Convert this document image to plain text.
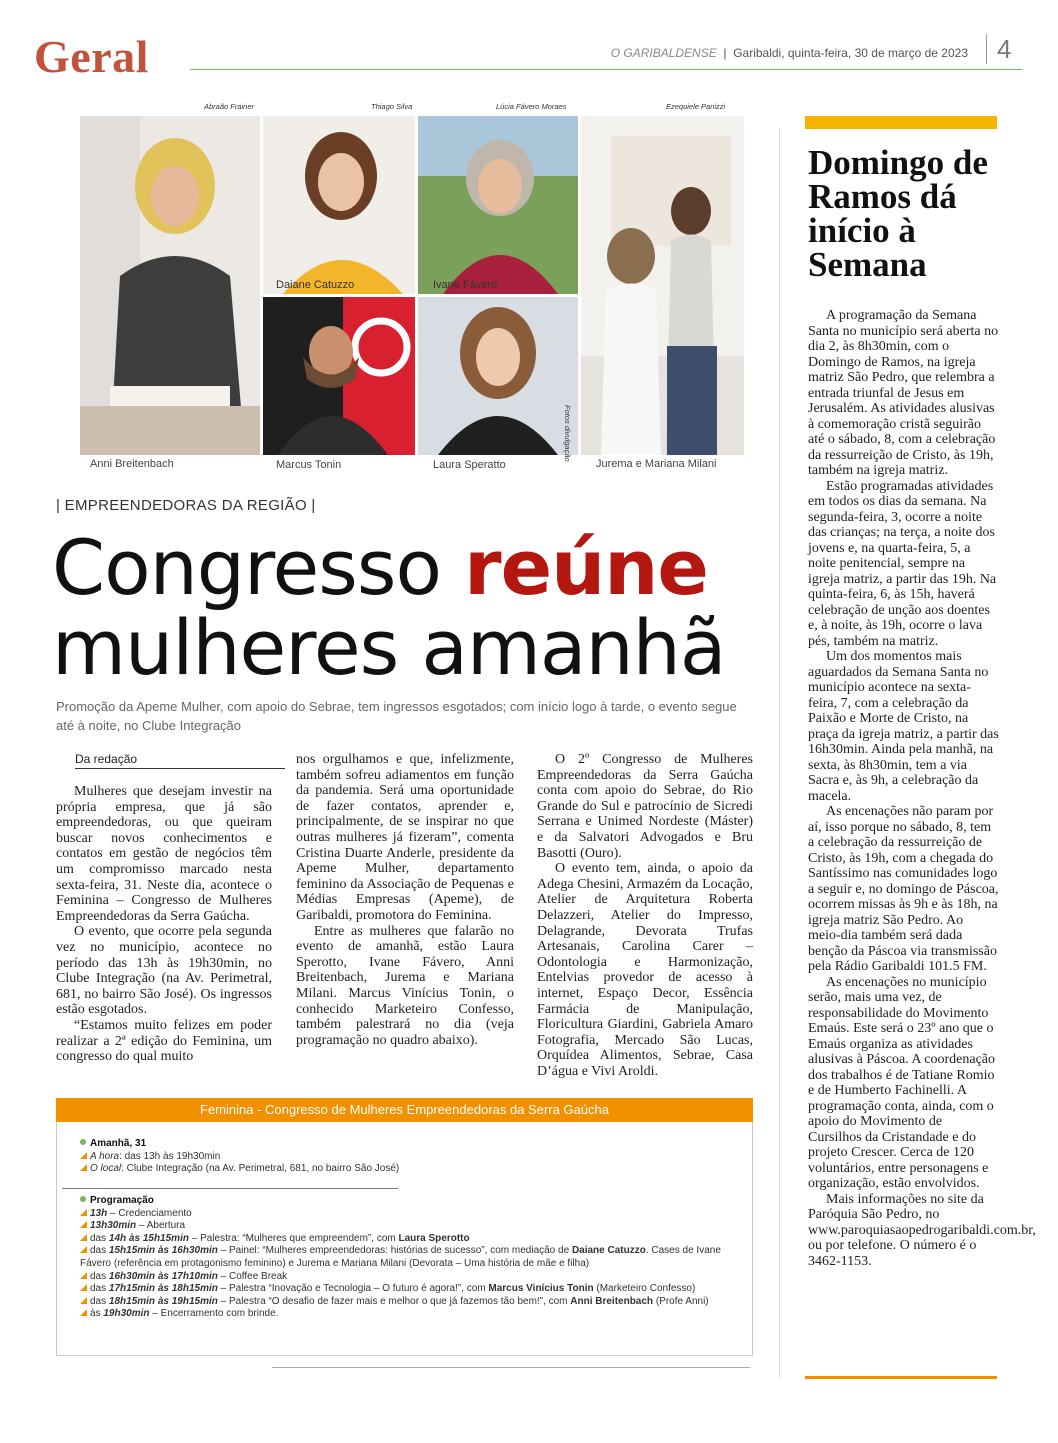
Geral	O GARIBALDENSE  |  Garibaldi, quinta-feira, 30 de março de 2023	4
Abraão Frainer	Thiago Silva	Lúcia Fávero Moraes	Ezequiele Panizzi
Anni Breitenbach
Daiane Catuzzo	Ivane Fávero
Jurema e Mariana Milani
Marcus Tonin	Laura Speratto
Fotos divulgação
| EMPREENDEDORAS DA REGIÃO |
Congresso reúne
mulheres amanhã
Promoção da Apeme Mulher, com apoio do Sebrae, tem ingressos esgotados; com início logo à tarde, o evento segue até à noite, no Clube Integração
Da redação

Mulheres que desejam investir na própria empresa, que já são empreendedoras, ou que queiram buscar novos conhecimentos e contatos em gestão de negócios têm um compromisso marcado nesta sexta-feira, 31. Neste dia, acontece o Feminina – Congresso de Mulheres Empreendedoras da Serra Gaúcha.

O evento, que ocorre pela segunda vez no município, acontece no período das 13h às 19h30min, no Clube Integração (na Av. Perimetral, 681, no bairro São José). Os ingressos estão esgotados.

“Estamos muito felizes em poder realizar a 2ª edição do Feminina, um congresso do qual muito

nos orgulhamos e que, infelizmente, também sofreu adiamentos em função da pandemia. Será uma oportunidade de fazer contatos, aprender e, principalmente, de se inspirar no que outras mulheres já fizeram”, comenta Cristina Duarte Anderle, presidente da Apeme Mulher, departamento feminino da Associação de Pequenas e Médias Empresas (Apeme), de Garibaldi, promotora do Feminina.

Entre as mulheres que falarão no evento de amanhã, estão Laura Sperotto, Ivane Fávero, Anni Breitenbach, Jurema e Mariana Milani. Marcus Vinícius Tonin, o conhecido Marketeiro Confesso, também palestrará no dia (veja programação no quadro abaixo).

O 2º Congresso de Mulheres Empreendedoras da Serra Gaúcha conta com apoio do Sebrae, do Rio Grande do Sul e patrocínio de Sicredi Serrana e Unimed Nordeste (Máster) e da Salvatori Advogados e Bru Basotti (Ouro).

O evento tem, ainda, o apoio da Adega Chesini, Armazém da Locação, Atelier de Arquitetura Roberta Delazzeri, Atelier do Impresso, Delagrande, Devorata Trufas Artesanais, Carolina Carer – Odontologia e Harmonização, Entelvias provedor de acesso à internet, Espaço Decor, Essência Farmácia de Manipulação, Floricultura Giardini, Gabriela Amaro Fotografia, Mercado São Lucas, Orquídea Alimentos, Sebrae, Casa D’água e Vivi Aroldi.

Feminina - Congresso de Mulheres Empreendedoras da Serra Gaúcha
Amanhã, 31
A hora: das 13h às 19h30min
O local: Clube Integração (na Av. Perimetral, 681, no bairro São José)
Programação
13h – Credenciamento
13h30min – Abertura
das 14h às 15h15min – Palestra: “Mulheres que empreendem”, com Laura Sperotto
das 15h15min às 16h30min – Painel: “Mulheres empreendedoras: histórias de sucesso”, com mediação de Daiane Catuzzo. Cases de Ivane Fávero (referência em protagonismo feminino) e Jurema e Mariana Milani (Devorata – Uma história de mãe e filha)
das 16h30min às 17h10min – Coffee Break
das 17h15min às 18h15min – Palestra “Inovação e Tecnologia – O futuro é agora!”, com Marcus Vinícius Tonin (Marketeiro Confesso)
das 18h15min às 19h15min – Palestra “O desafio de fazer mais e melhor o que já fazemos tão bem!”, com Anni Breitenbach (Profe Anni)
às 19h30min – Encerramento com brinde.
Domingo de Ramos dá início à Semana

A programação da Semana Santa no município será aberta no dia 2, às 8h30min, com o Domingo de Ramos, na igreja matriz São Pedro, que relembra a entrada triunfal de Jesus em Jerusalém. As atividades alusivas à comemoração cristã seguirão até o sábado, 8, com a celebração da ressurreição de Cristo, às 19h, também na igreja matriz.

Estão programadas atividades em todos os dias da semana. Na segunda-feira, 3, ocorre a noite das crianças; na terça, a noite dos jovens e, na quarta-feira, 5, a noite penitencial, sempre na igreja matriz, a partir das 19h. Na quinta-feira, 6, às 15h, haverá celebração de unção aos doentes e, à noite, às 19h, ocorre o lava pés, também na matriz.

Um dos momentos mais aguardados da Semana Santa no município acontece na sexta-feira, 7, com a celebração da Paixão e Morte de Cristo, na praça da igreja matriz, a partir das 16h30min. Ainda pela manhã, na sexta, às 8h30min, tem a via Sacra e, às 9h, a celebração da macela.

As encenações não param por aí, isso porque no sábado, 8, tem a celebração da ressurreição de Cristo, às 19h, com a chegada do Santíssimo nas comunidades logo a seguir e, no domingo de Páscoa, ocorrem missas às 9h e às 18h, na igreja matriz São Pedro. Ao meio-dia também será dada benção da Páscoa via transmissão pela Rádio Garibaldi 101.5 FM.

As encenações no município serão, mais uma vez, de responsabilidade do Movimento Emaús. Este será o 23º ano que o Emaús organiza as atividades alusivas à Páscoa. A coordenação dos trabalhos é de Tatiane Romio e de Humberto Fachinelli. A programação conta, ainda, com o apoio do Movimento de Cursilhos da Cristandade e do projeto Crescer. Cerca de 120 voluntários, entre personagens e organização, estão envolvidos.

Mais informações no site da Paróquia São Pedro, no www.paroquiasaopedrogaribaldi.com.br, ou por telefone. O número é o 3462-1153.
